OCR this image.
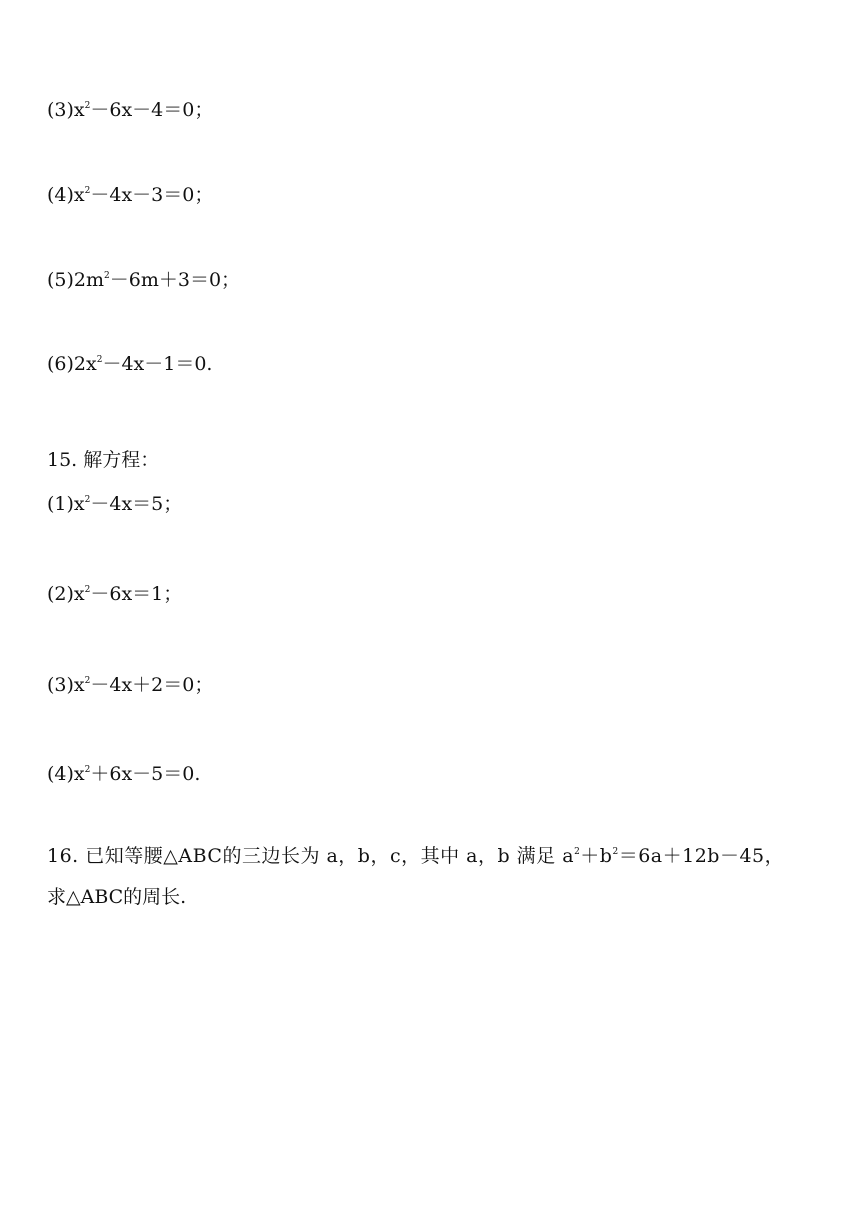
$(3)x^2-6x-4=0$；
$(4)x^2-4x-3=0$；
$(5)2m^2-6m+3=0$；
$(6)2x^2-4x-1=0$.
15. 解方程：
$(1)x^2-4x=5$；
$(2)x^2-6x=1$；
$(3)x^2-4x+2=0$；
$(4)x^2+6x-5=0$.
16. 已知等腰△ABC的三边长为 a，b，c，其中 a，b 满足 $a^2+b^2=6a+12b-45$，
求△ABC的周长.
